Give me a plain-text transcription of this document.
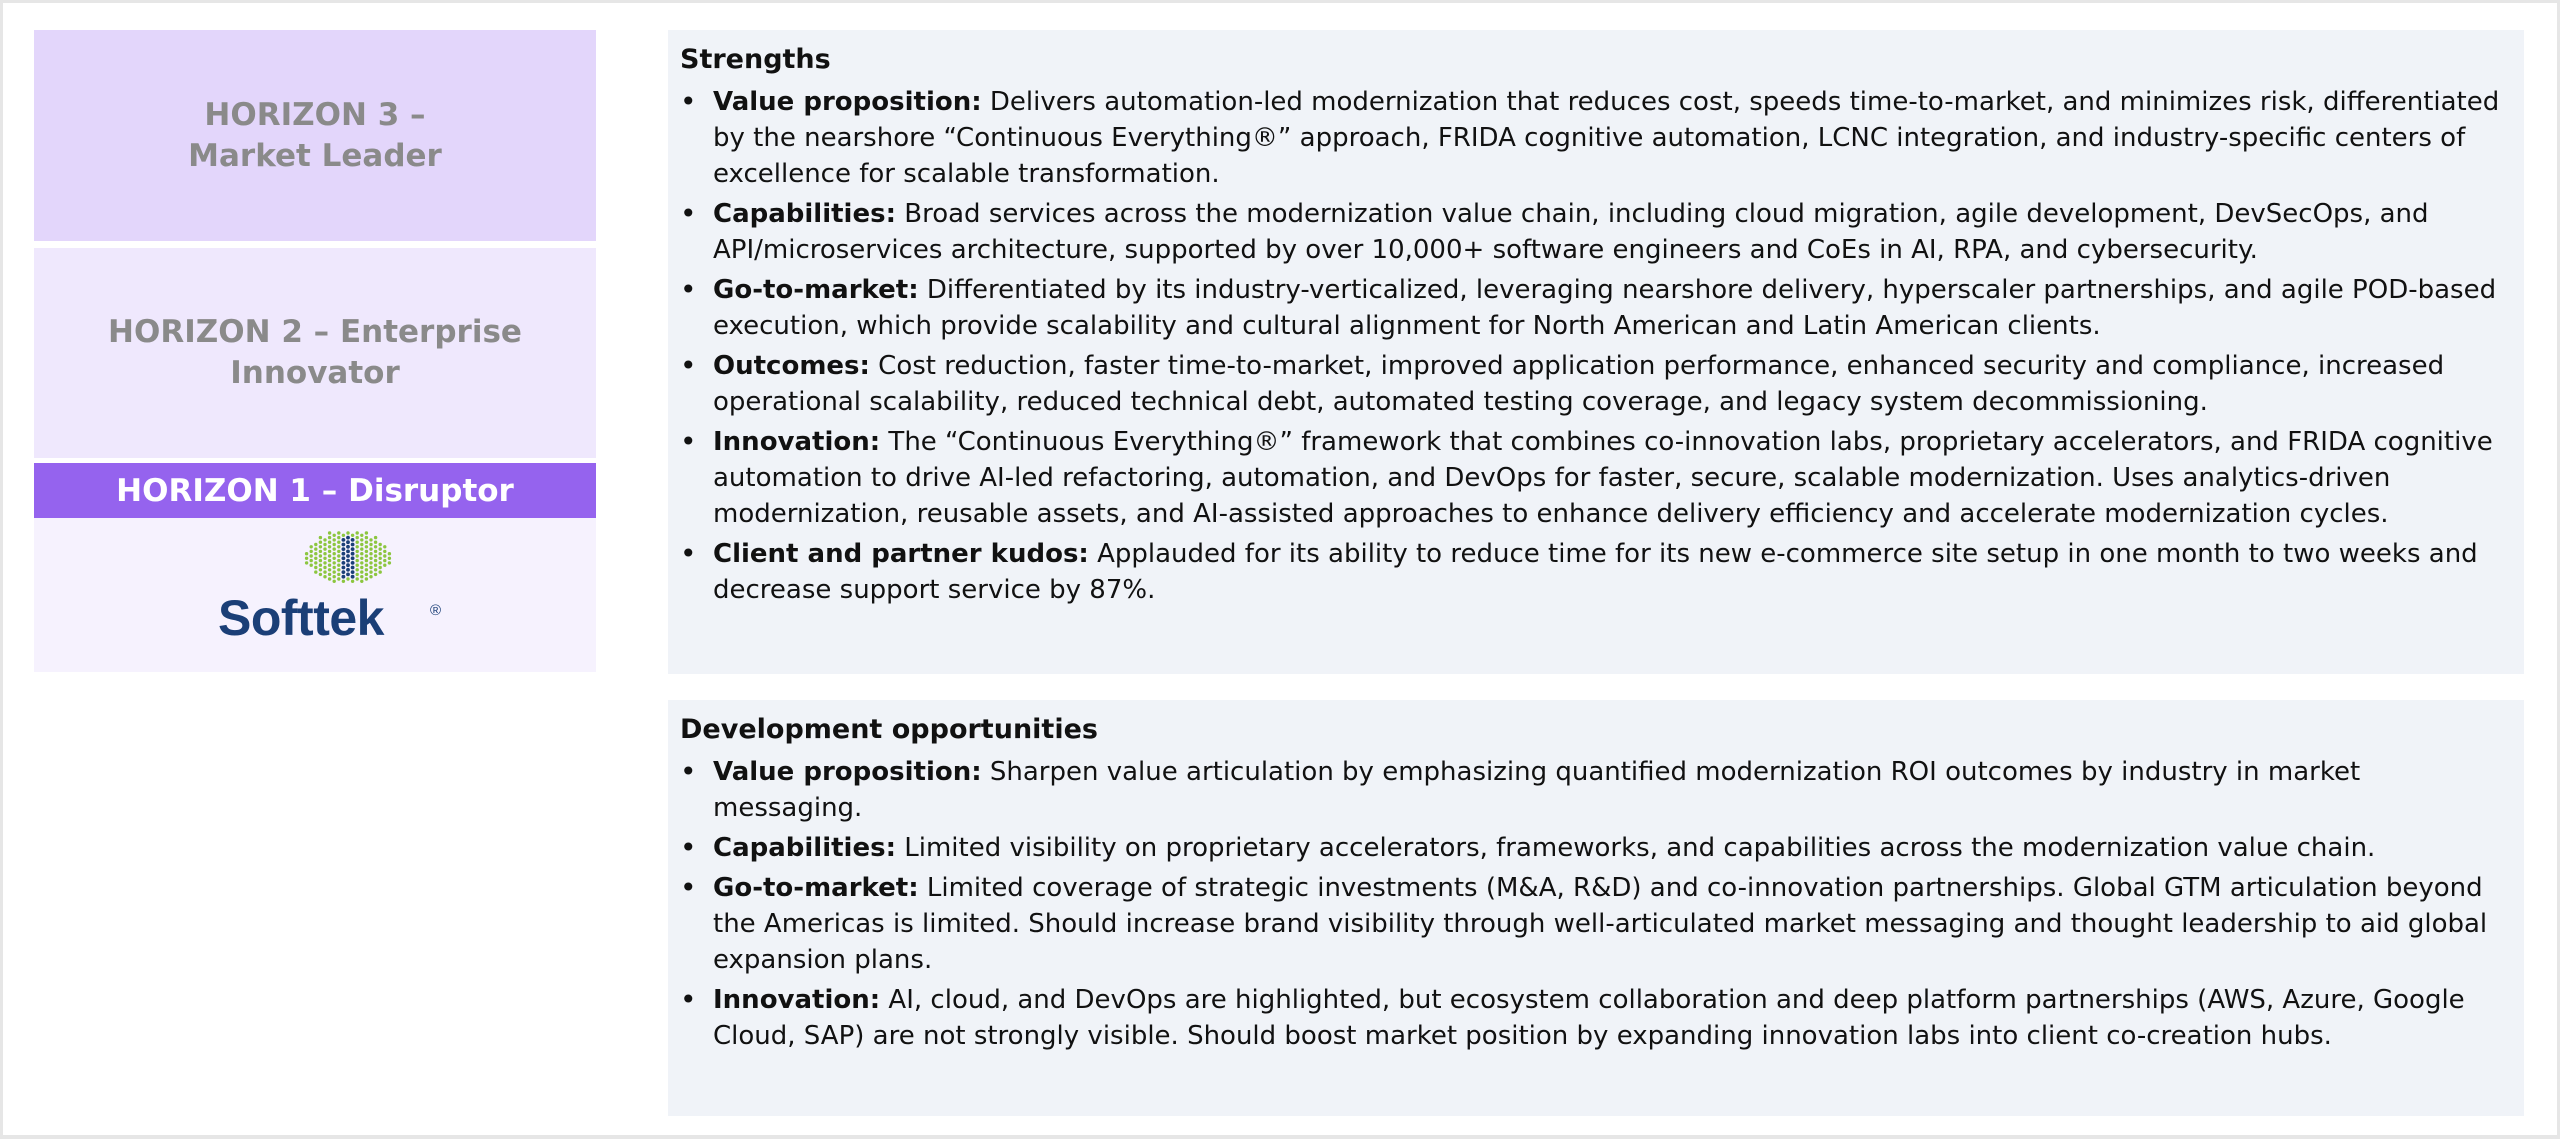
HORIZON 3 –
Market Leader
HORIZON 2 – Enterprise
Innovator
HORIZON 1 – Disruptor
Softtek	®
Strengths
• Value proposition: Delivers automation-led modernization that reduces cost, speeds time-to-market, and minimizes risk, differentiated by the nearshore “Continuous Everything®” approach, FRIDA cognitive automation, LCNC integration, and industry-specific centers of excellence for scalable transformation.
• Capabilities: Broad services across the modernization value chain, including cloud migration, agile development, DevSecOps, and API/microservices architecture, supported by over 10,000+ software engineers and CoEs in AI, RPA, and cybersecurity.
• Go-to-market: Differentiated by its industry-verticalized, leveraging nearshore delivery, hyperscaler partnerships, and agile POD-based execution, which provide scalability and cultural alignment for North American and Latin American clients.
• Outcomes: Cost reduction, faster time-to-market, improved application performance, enhanced security and compliance, increased operational scalability, reduced technical debt, automated testing coverage, and legacy system decommissioning.
• Innovation: The “Continuous Everything®” framework that combines co-innovation labs, proprietary accelerators, and FRIDA cognitive automation to drive AI-led refactoring, automation, and DevOps for faster, secure, scalable modernization. Uses analytics-driven modernization, reusable assets, and AI-assisted approaches to enhance delivery efficiency and accelerate modernization cycles.
• Client and partner kudos: Applauded for its ability to reduce time for its new e-commerce site setup in one month to two weeks and decrease support service by 87%.
Development opportunities
• Value proposition: Sharpen value articulation by emphasizing quantified modernization ROI outcomes by industry in market messaging.
• Capabilities: Limited visibility on proprietary accelerators, frameworks, and capabilities across the modernization value chain.
• Go-to-market: Limited coverage of strategic investments (M&A, R&D) and co-innovation partnerships. Global GTM articulation beyond the Americas is limited. Should increase brand visibility through well-articulated market messaging and thought leadership to aid global expansion plans.
• Innovation: AI, cloud, and DevOps are highlighted, but ecosystem collaboration and deep platform partnerships (AWS, Azure, Google Cloud, SAP) are not strongly visible. Should boost market position by expanding innovation labs into client co-creation hubs.
